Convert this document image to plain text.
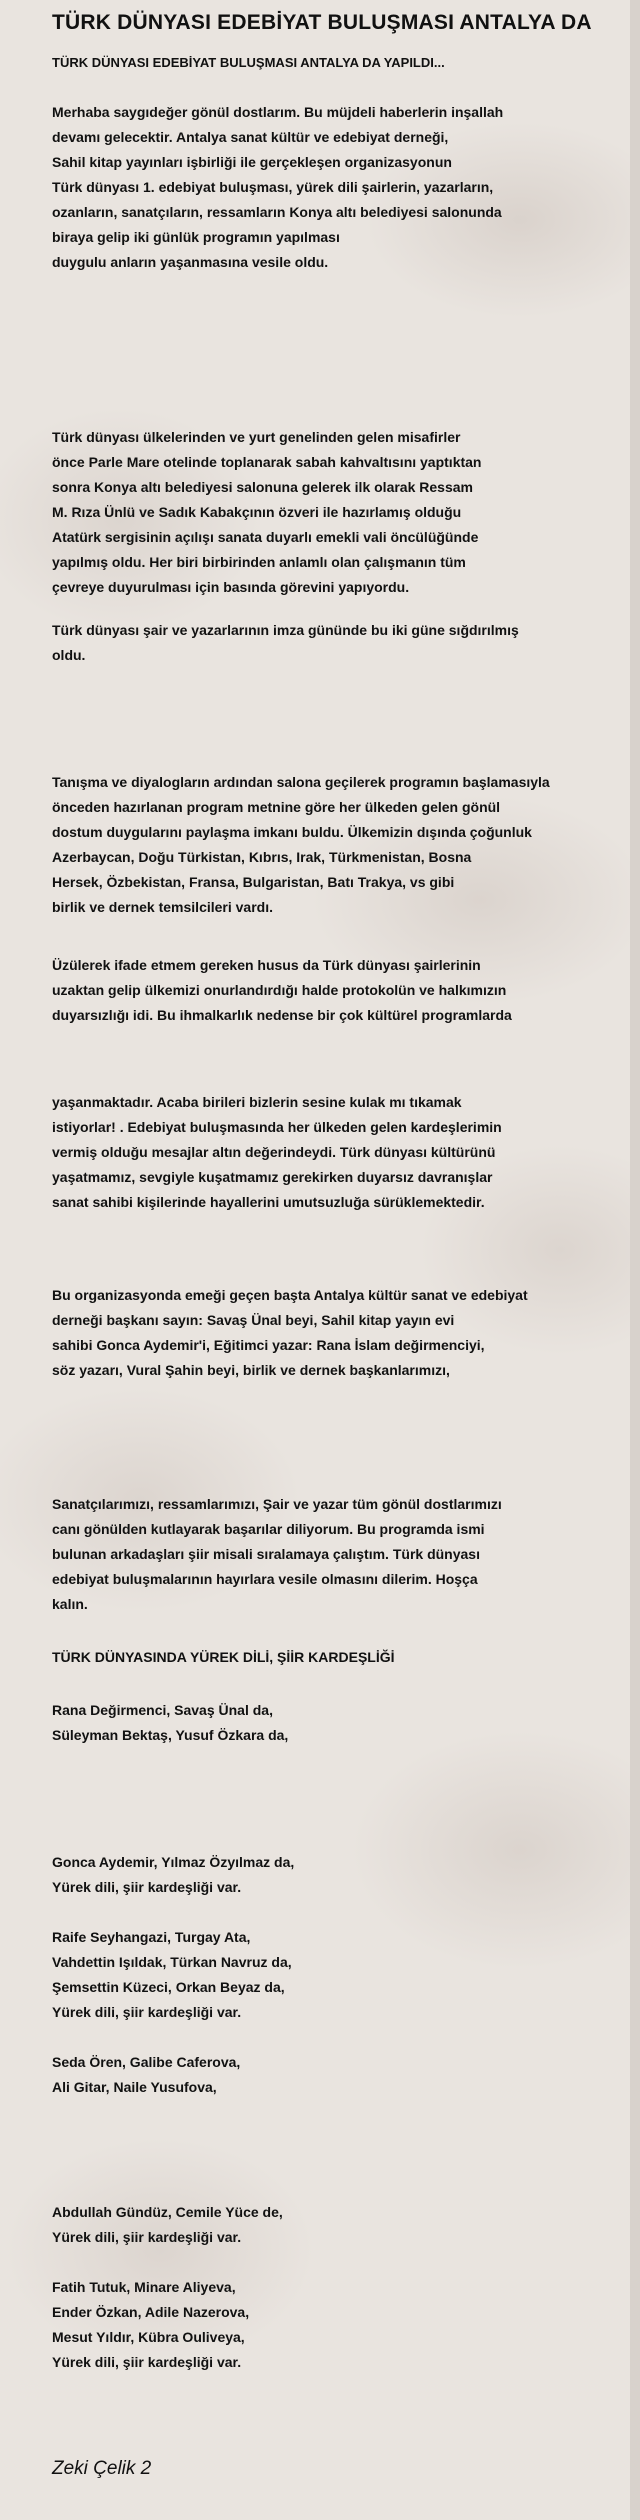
TÜRK DÜNYASI EDEBİYAT BULUŞMASI ANTALYA DA
TÜRK DÜNYASI EDEBİYAT BULUŞMASI ANTALYA DA YAPILDI...
Merhaba saygıdeğer gönül dostlarım. Bu müjdeli haberlerin inşallah
devamı gelecektir. Antalya sanat kültür ve edebiyat derneği,
Sahil kitap yayınları işbirliği ile gerçekleşen organizasyonun
Türk dünyası 1. edebiyat buluşması, yürek dili şairlerin, yazarların,
ozanların, sanatçıların, ressamların Konya altı belediyesi salonunda
biraya gelip iki günlük programın yapılması
duygulu anların yaşanmasına vesile oldu.
Türk dünyası ülkelerinden ve yurt genelinden gelen misafirler
önce Parle Mare otelinde toplanarak sabah kahvaltısını yaptıktan
sonra Konya altı belediyesi salonuna gelerek ilk olarak Ressam
M. Rıza Ünlü ve Sadık Kabakçının özveri ile hazırlamış olduğu
Atatürk sergisinin açılışı sanata duyarlı emekli vali öncülüğünde
yapılmış oldu. Her biri birbirinden anlamlı olan çalışmanın tüm
çevreye duyurulması için basında görevini yapıyordu.
Türk dünyası şair ve yazarlarının imza gününde bu iki güne sığdırılmış
oldu.
Tanışma ve diyalogların ardından salona geçilerek programın başlamasıyla
önceden hazırlanan program metnine göre her ülkeden gelen gönül
dostum duygularını paylaşma imkanı buldu. Ülkemizin dışında çoğunluk
Azerbaycan, Doğu Türkistan, Kıbrıs, Irak, Türkmenistan, Bosna
Hersek, Özbekistan, Fransa, Bulgaristan, Batı Trakya, vs gibi
birlik ve dernek temsilcileri vardı.
Üzülerek ifade etmem gereken husus da Türk dünyası şairlerinin
uzaktan gelip ülkemizi onurlandırdığı halde protokolün ve halkımızın
duyarsızlığı idi. Bu ihmalkarlık nedense bir çok kültürel programlarda
yaşanmaktadır. Acaba birileri bizlerin sesine kulak mı tıkamak
istiyorlar! . Edebiyat buluşmasında her ülkeden gelen kardeşlerimin
vermiş olduğu mesajlar altın değerindeydi. Türk dünyası kültürünü
yaşatmamız, sevgiyle kuşatmamız gerekirken duyarsız davranışlar
sanat sahibi kişilerinde hayallerini umutsuzluğa sürüklemektedir.
Bu organizasyonda emeği geçen başta Antalya kültür sanat ve edebiyat
derneği başkanı sayın: Savaş Ünal beyi, Sahil kitap yayın evi
sahibi Gonca Aydemir'i, Eğitimci yazar: Rana İslam değirmenciyi,
söz yazarı, Vural Şahin beyi, birlik ve dernek başkanlarımızı,
Sanatçılarımızı, ressamlarımızı, Şair ve yazar tüm gönül dostlarımızı
canı gönülden kutlayarak başarılar diliyorum. Bu programda ismi
bulunan arkadaşları şiir misali sıralamaya çalıştım. Türk dünyası
edebiyat buluşmalarının hayırlara vesile olmasını dilerim. Hoşça
kalın.
TÜRK DÜNYASINDA YÜREK DİLİ, ŞİİR KARDEŞLİĞİ
Rana Değirmenci, Savaş Ünal da,
Süleyman Bektaş, Yusuf Özkara da,
Gonca Aydemir, Yılmaz Özyılmaz da,
Yürek dili, şiir kardeşliği var.
Raife Seyhangazi, Turgay Ata,
Vahdettin Işıldak, Türkan Navruz da,
Şemsettin Küzeci, Orkan Beyaz da,
Yürek dili, şiir kardeşliği var.
Seda Ören, Galibe Caferova,
Ali Gitar, Naile Yusufova,
Abdullah Gündüz, Cemile Yüce de,
Yürek dili, şiir kardeşliği var.
Fatih Tutuk, Minare Aliyeva,
Ender Özkan, Adile Nazerova,
Mesut Yıldır, Kübra Ouliveya,
Yürek dili, şiir kardeşliği var.
Zeki Çelik 2
